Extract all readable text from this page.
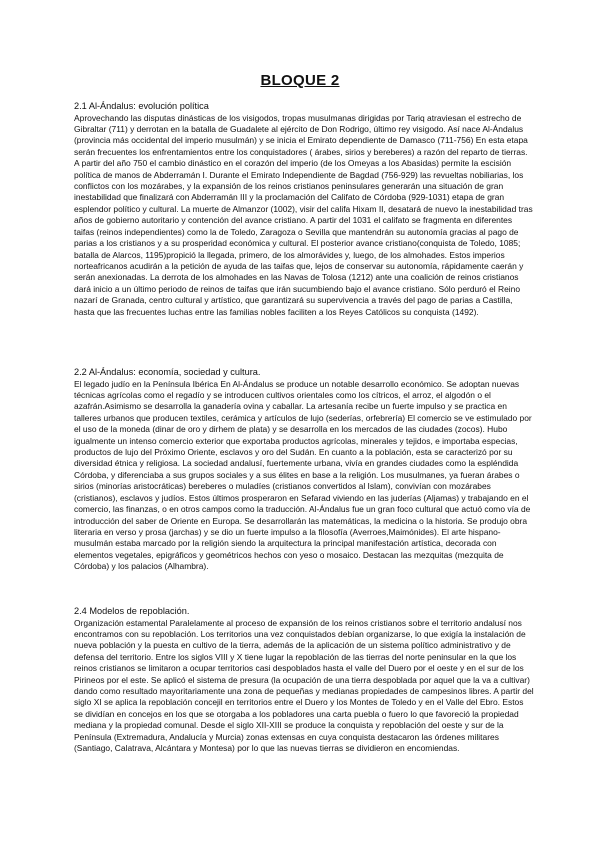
BLOQUE 2

2.1 Al-Ándalus: evolución política

Aprovechando las disputas dinásticas de los visigodos, tropas musulmanas dirigidas por Tariq atraviesan el estrecho de Gibraltar (711) y derrotan en la batalla de Guadalete al ejército de Don Rodrigo, último rey visigodo. Así nace Al-Ándalus (provincia más occidental del imperio musulmán) y se inicia el Emirato dependiente de Damasco (711-756) En esta etapa serán frecuentes los enfrentamientos entre los conquistadores ( árabes, sirios y bereberes) a razón del reparto de tierras. A partir del año 750 el cambio dinástico en el corazón del imperio (de los Omeyas a los Abasidas) permite la escisión política de manos de Abderramán I. Durante el Emirato Independiente de Bagdad (756-929) las revueltas nobiliarias, los conflictos con los mozárabes, y la expansión de los reinos cristianos peninsulares generarán una situación de gran inestabilidad que finalizará con Abderramán III y la proclamación del Califato de Córdoba (929-1031) etapa de gran esplendor político y cultural. La muerte de Almanzor (1002), visir del califa Hixam II, desatará de nuevo la inestabilidad tras años de gobierno autoritario y contención del avance cristiano. A partir del 1031 el califato se fragmenta en diferentes taifas (reinos independientes) como la de Toledo, Zaragoza o Sevilla que mantendrán su autonomía gracias al pago de parias a los cristianos y a su prosperidad económica y cultural. El posterior avance cristiano(conquista de Toledo, 1085; batalla de Alarcos, 1195)propició la llegada, primero, de los almorávides y, luego, de los almohades. Estos imperios norteafricanos acudirán a la petición de ayuda de las taifas que, lejos de conservar su autonomía, rápidamente caerán y serán anexionadas. La derrota de los almohades en las Navas de Tolosa (1212) ante una coalición de reinos cristianos dará inicio a un último periodo de reinos de taifas que irán sucumbiendo bajo el avance cristiano. Sólo perduró el Reino nazarí de Granada, centro cultural y artístico, que garantizará su supervivencia a través del pago de parias a Castilla, hasta que las frecuentes luchas entre las familias nobles faciliten a los Reyes Católicos su conquista (1492).

2.2 Al-Ándalus: economía, sociedad y cultura.

El legado judío en la Península Ibérica En Al-Ándalus se produce un notable desarrollo económico. Se adoptan nuevas técnicas agrícolas como el regadío y se introducen cultivos orientales como los cítricos, el arroz, el algodón o el azafrán.Asimismo se desarrolla la ganadería ovina y caballar. La artesanía recibe un fuerte impulso y se practica en talleres urbanos que producen textiles, cerámica y artículos de lujo (sederías, orfebrería) El comercio se ve estimulado por el uso de la moneda (dinar de oro y dirhem de plata) y se desarrolla en los mercados de las ciudades (zocos). Hubo igualmente un intenso comercio exterior que exportaba productos agrícolas, minerales y tejidos, e importaba especias, productos de lujo del Próximo Oriente, esclavos y oro del Sudán. En cuanto a la población, esta se caracterizó por su diversidad étnica y religiosa. La sociedad andalusí, fuertemente urbana, vivía en grandes ciudades como la espléndida Córdoba, y diferenciaba a sus grupos sociales y a sus élites en base a la religión. Los musulmanes, ya fueran árabes o sirios (minorías aristocráticas) bereberes o muladíes (cristianos convertidos al Islam), convivían con mozárabes (cristianos), esclavos y judíos. Estos últimos prosperaron en Sefarad viviendo en las juderías (Aljamas) y trabajando en el comercio, las finanzas, o en otros campos como la traducción. Al-Ándalus fue un gran foco cultural que actuó como vía de introducción del saber de Oriente en Europa. Se desarrollarán las matemáticas, la medicina o la historia. Se produjo obra literaria en verso y prosa (jarchas) y se dio un fuerte impulso a la filosofía (Averroes,Maimónides). El arte hispano-musulmán estaba marcado por la religión siendo la arquitectura la principal manifestación artística, decorada con elementos vegetales, epigráficos y geométricos hechos con yeso o mosaico. Destacan las mezquitas (mezquita de Córdoba) y los palacios (Alhambra).

2.4 Modelos de repoblación.

Organización estamental Paralelamente al proceso de expansión de los reinos cristianos sobre el territorio andalusí nos encontramos con su repoblación. Los territorios una vez conquistados debían organizarse, lo que exigía la instalación de nueva población y la puesta en cultivo de la tierra, además de la aplicación de un sistema político administrativo y de defensa del territorio. Entre los siglos VIII y X tiene lugar la repoblación de las tierras del norte peninsular en la que los reinos cristianos se limitaron a ocupar territorios casi despoblados hasta el valle del Duero por el oeste y en el sur de los Pirineos por el este. Se aplicó el sistema de presura (la ocupación de una tierra despoblada por aquel que la va a cultivar) dando como resultado mayoritariamente una zona de pequeñas y medianas propiedades de campesinos libres. A partir del siglo XI se aplica la repoblación concejil en territorios entre el Duero y los Montes de Toledo y en el Valle del Ebro. Estos se dividían en concejos en los que se otorgaba a los pobladores una carta puebla o fuero lo que favoreció la propiedad mediana y la propiedad comunal. Desde el siglo XII-XIII se produce la conquista y repoblación del oeste y sur de la Península (Extremadura, Andalucía y Murcia) zonas extensas en cuya conquista destacaron las órdenes militares (Santiago, Calatrava, Alcántara y Montesa) por lo que las nuevas tierras se dividieron en encomiendas.
